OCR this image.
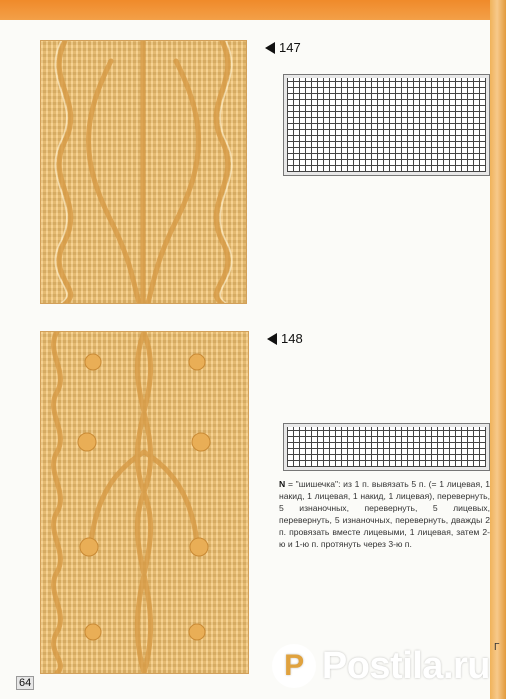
147
148
N = "шишечка": из 1 п. вывязать 5 п. (= 1 лицевая, 1 накид, 1 лицевая, 1 накид, 1 лицевая), перевернуть, 5 изнаночных, перевернуть, 5 лицевых, перевернуть, 5 изнаночных, перевернуть, дважды 2 п. провязать вместе лицевыми, 1 лицевая, затем 2-ю и 1-ю п. протянуть через 3-ю п.
Г
64
P Postila.ru
